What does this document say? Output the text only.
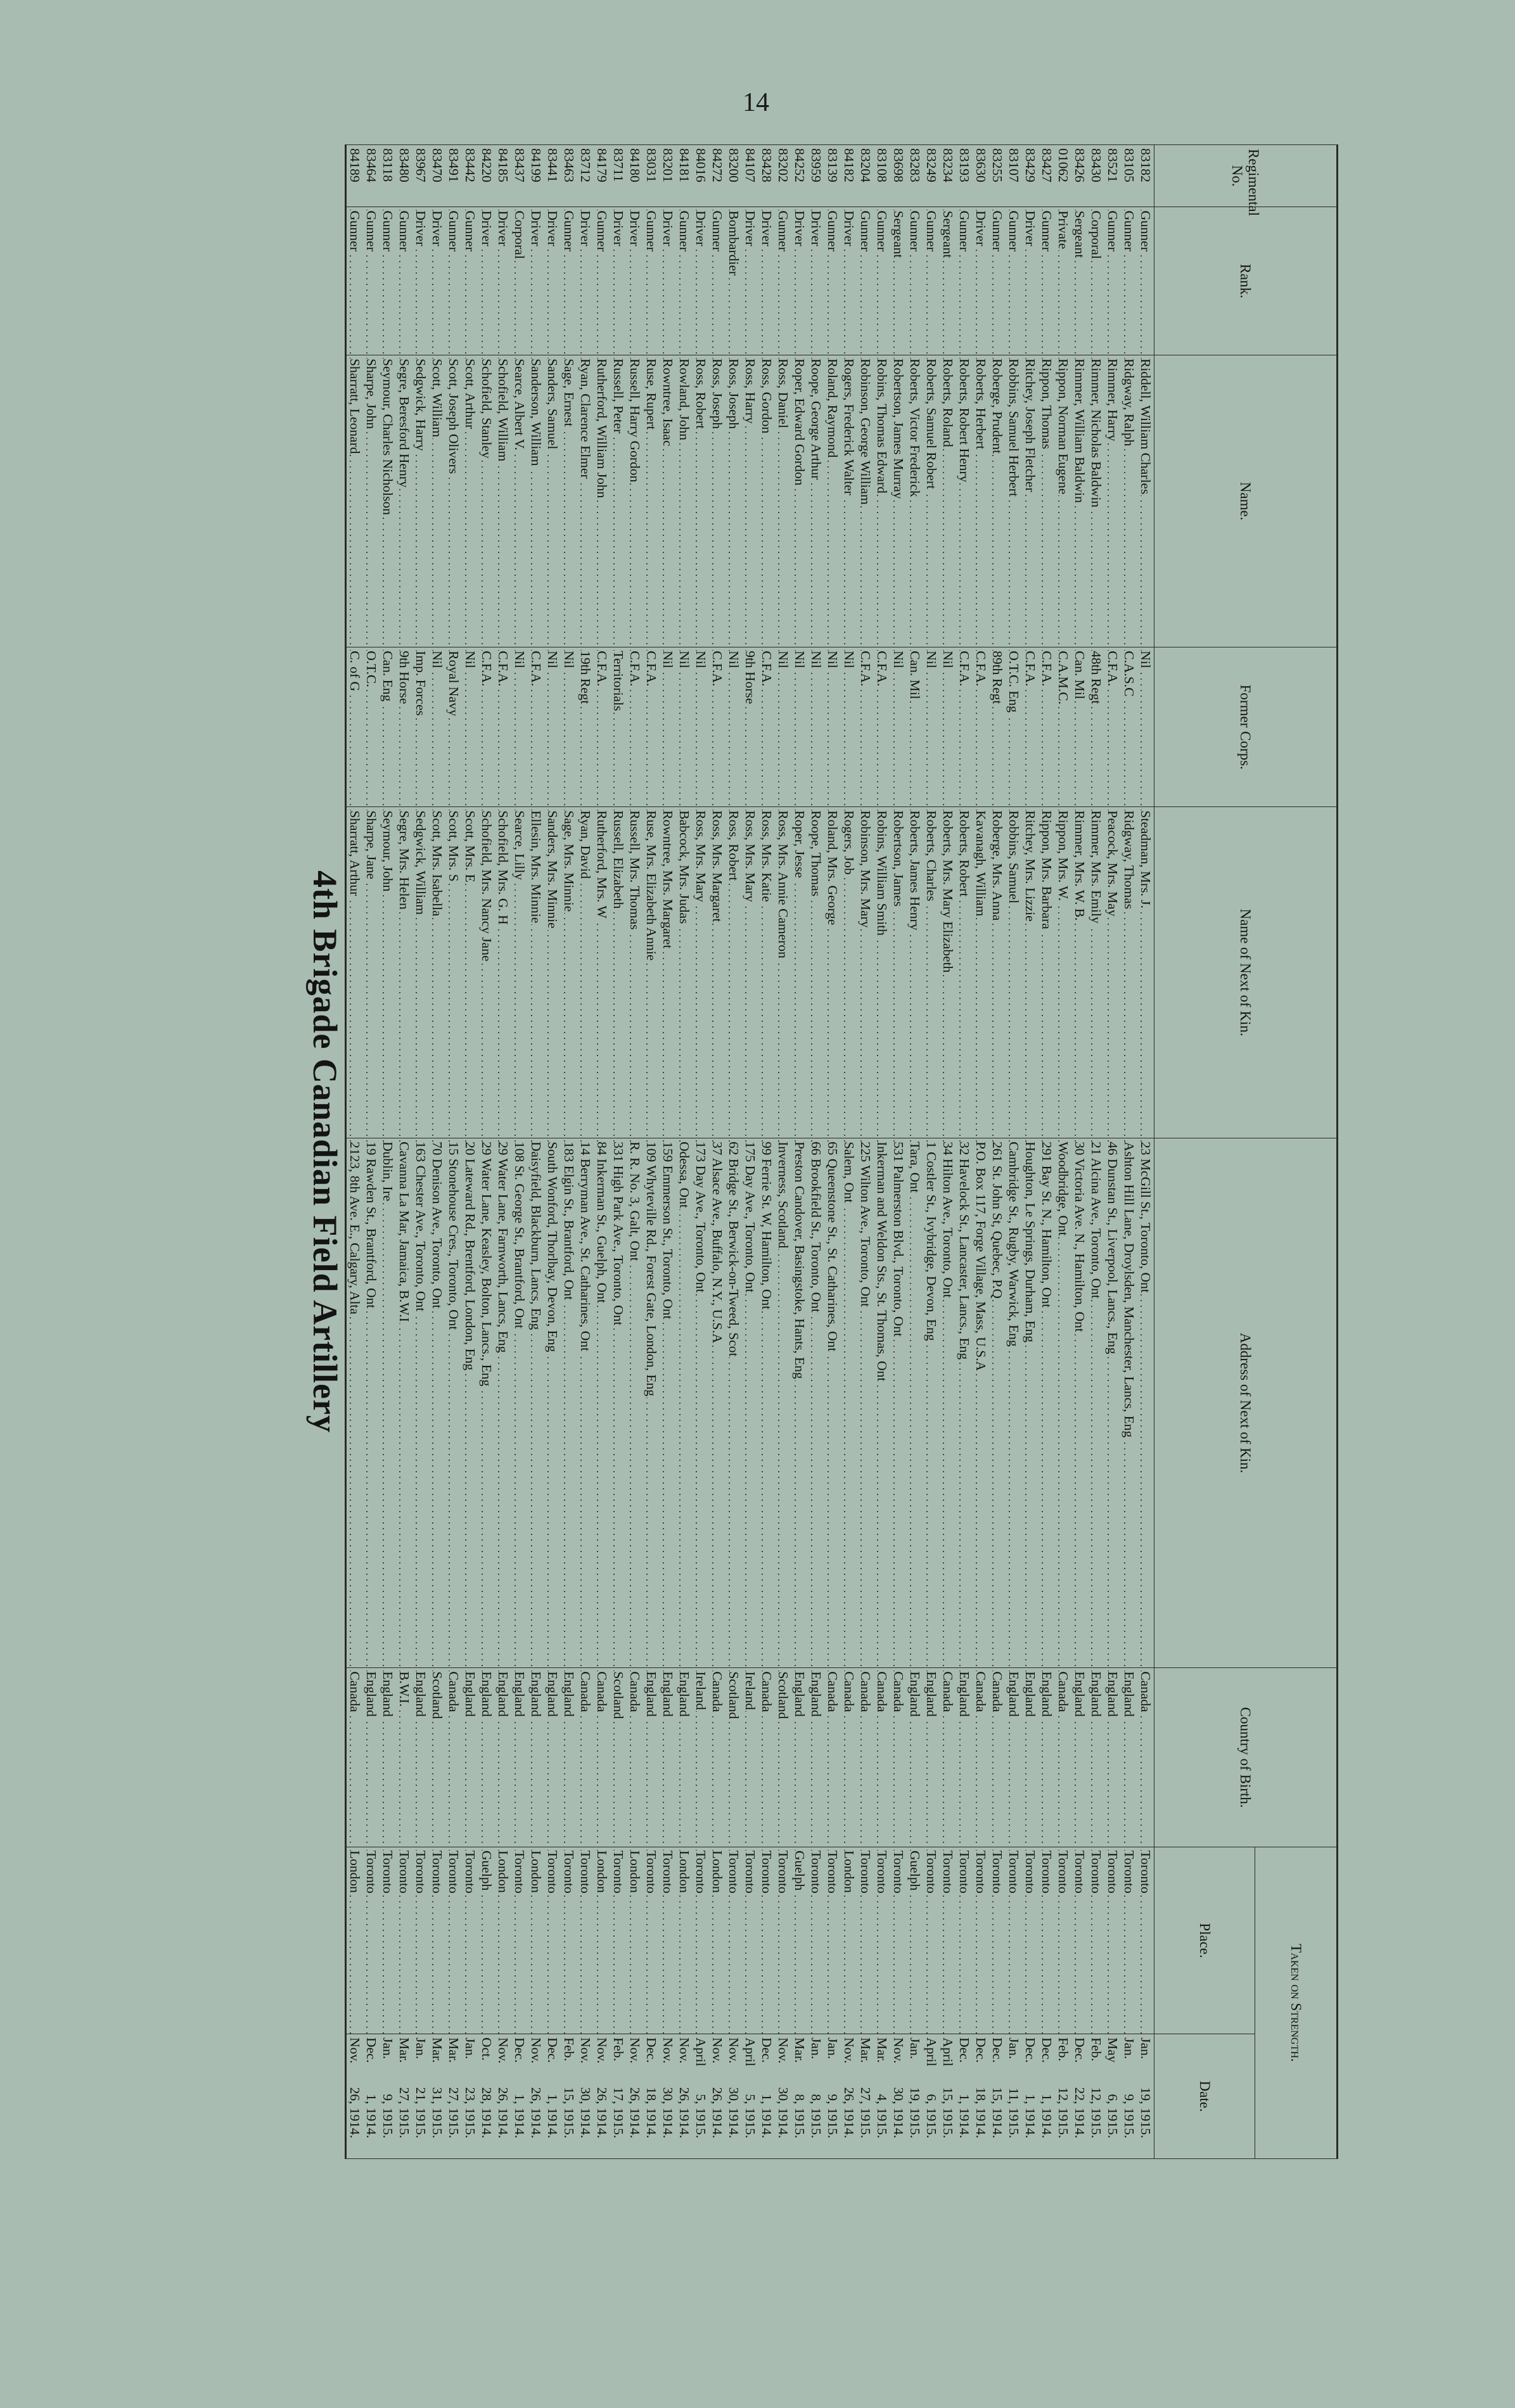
14
Regimental No.	Rank.	Name.	Former Corps.	Name of Next of Kin.	Address of Next of Kin.	Country of Birth.	Taken on Strength.	
							Place.	Date.
83182	Gunner	Riddell, William Charles	Nil	Steadman, Mrs. J.	23 McGill St., Toronto, Ont	Canada	Toronto	Jan.19, 1915.
83105	Gunner	Ridgway, Ralph	C.A.S.C	Ridgway, Thomas	Ashton Hill Lane, Droylsden, Manchester, Lancs, Eng	England	Toronto	Jan.9, 1915.
83521	Gunner	Rimmer, Harry	C.F.A.	Peacock, Mrs. May	46 Dunstan St., Liverpool, Lancs., Eng	England	Toronto	May6, 1915.
83430	Corporal	Rimmer, Nicholas Baldwin	48th Regt	Rimmer, Mrs. Emily	21 Alcina Ave., Toronto, Ont	England	Toronto	Feb.12, 1915.
83426	Sergeant	Rimmer, William Baldwin	Can. Mil	Rimmer, Mrs. W. B.	30 Victoria Ave. N., Hamilton, Ont	England	Toronto	Dec.22, 1914.
01062	Private	Rippon, Norman Eugene	C.A.M.C.	Rippon, Mrs. W.	Woodbridge, Ont	Canada	Toronto	Feb.12, 1915.
83427	Gunner	Rippon, Thomas	C.F.A.	Rippon, Mrs. Barbara	291 Bay St. N., Hamilton, Ont	England	Toronto	Dec.1, 1914.
83429	Driver	Ritchey, Joseph Fletcher	C.F.A.	Ritchey, Mrs. Lizzie	Houghton, Le Springs, Durham, Eng	England	Toronto	Dec.1, 1914.
83107	Gunner	Robbins, Samuel Herbert	O.T.C. Eng	Robbins, Samuel	Cambridge St., Rugby, Warwick, Eng	England	Toronto	Jan.11, 1915.
83255	Gunner	Roberge, Prudent	89th Regt	Roberge, Mrs. Anna	261 St. John St, Quebec, P.Q	Canada	Toronto	Dec.15, 1914.
83630	Driver	Roberts, Herbert	C.F.A.	Kavanagh, William	P.O. Box 117, Forge Village, Mass, U.S.A	Canada	Toronto	Dec.18, 1914.
83193	Gunner	Roberts, Robert Henry	C.F.A.	Roberts, Robert	32 Havelock St., Lancaster, Lancs., Eng	England	Toronto	Dec.1, 1914.
83234	Sergeant	Roberts, Roland	Nil	Roberts, Mrs. Mary Elizabeth	34 Hilton Ave., Toronto, Ont	Canada	Toronto	April15, 1915.
83249	Gunner	Roberts, Samuel Robert	Nil	Roberts, Charles	1 Costler St., Ivybridge, Devon, Eng	England	Toronto	April6, 1915.
83283	Gunner	Roberts, Victor Frederick	Can. Mil	Roberts, James Henry	Tara, Ont	England	Guelph	Jan.19, 1915.
83698	Sergeant	Robertson, James Murray	Nil	Robertson, James	531 Palmerston Blvd., Toronto, Ont	Canada	Toronto	Nov.30, 1914.
83108	Gunner	Robins, Thomas Edward	C.F.A.	Robins, William Smith	Inkerman and Weldon Sts., St. Thomas, Ont	Canada	Toronto	Mar.4, 1915.
83204	Gunner	Robinson, George William	C.F.A.	Robinson, Mrs. Mary	225 Wilton Ave., Toronto, Ont	Canada	Toronto	Mar.27, 1915.
84182	Driver	Rogers, Frederick Walter	Nil	Rogers, Job	Salem, Ont	Canada	London	Nov.26, 1914.
83139	Gunner	Roland, Raymond	Nil	Roland, Mrs. George	65 Queenstone St., St. Catharines, Ont	Canada	Toronto	Jan.9, 1915.
83959	Driver	Roope, George Arthur	Nil	Roope, Thomas	66 Brookfield St., Toronto, Ont	England	Toronto	Jan.8, 1915.
84252	Driver	Roper, Edward Gordon	Nil	Roper, Jesse	Preston Candover, Basingstoke, Hants, Eng	England	Guelph	Mar.8, 1915.
83202	Gunner	Ross, Daniel	Nil	Ross, Mrs. Annie Cameron	Inverness, Scotland	Scotland	Toronto	Nov.30, 1914.
83428	Driver	Ross, Gordon	C.F.A.	Ross, Mrs. Katie	99 Ferrie St. W, Hamilton, Ont	Canada	Toronto	Dec.1, 1914.
84107	Driver	Ross, Harry	9th Horse	Ross, Mrs. Mary	175 Day Ave., Toronto, Ont	Ireland	Toronto	April5, 1915.
83200	Bombardier	Ross, Joseph	Nil	Ross, Robert	62 Bridge St., Berwick-on-Tweed, Scot	Scotland	Toronto	Nov.30, 1914.
84272	Gunner	Ross, Joseph	C.F.A.	Ross, Mrs. Margaret	37 Alsace Ave., Buffalo, N.Y., U.S.A	Canada	London	Nov.26, 1914.
84016	Driver	Ross, Robert	Nil	Ross, Mrs. Mary	173 Day Ave., Toronto, Ont	Ireland	Toronto	April5, 1915.
84181	Gunner	Rowland, John	Nil	Babcock, Mrs. Judas	Odessa, Ont	England	London	Nov.26, 1914.
83201	Driver	Rowntree, Isaac	Nil	Rowntree, Mrs. Margaret	159 Emmerson St., Toronto, Ont	England	Toronto	Nov.30, 1914.
83031	Gunner	Ruse, Rupert	C.F.A.	Ruse, Mrs. Elizabeth Annie	109 Whyteville Rd., Forest Gate, London, Eng	England	Toronto	Dec.18, 1914.
84180	Driver	Russell, Harry Gordon	C.F.A.	Russell, Mrs. Thomas	R. R. No. 3, Galt, Ont	Canada	London	Nov.26, 1914.
83711	Driver	Russell, Peter	Territorials	Russell, Elizabeth	331 High Park Ave., Toronto, Ont	Scotland	Toronto	Feb.17, 1915.
84179	Gunner	Rutherford, William John	C.F.A.	Rutherford, Mrs. W	84 Inkerman St., Guelph, Ont	Canada	London	Nov.26, 1914.
83712	Driver	Ryan, Clarence Elmer	19th Regt	Ryan, David	14 Berryman Ave., St. Catharines, Ont	Canada	Toronto	Nov.30, 1914.
83463	Gunner	Sage, Ernest	Nil	Sage, Mrs. Minnie	183 Elgin St., Brantford, Ont	England	Toronto	Feb.15, 1915.
83441	Driver	Sanders, Samuel	Nil	Sanders, Mrs. Minnie	South Wonford, Thorlbay, Devon, Eng	England	Toronto	Dec.1, 1914.
84199	Driver	Sanderson, William	C.F.A.	Ellesin, Mrs. Minnie	Daisyfield, Blackburn, Lancs, Eng	England	London	Nov.26, 1914.
83437	Corporal	Searce, Albert V.	Nil	Searce, Lilly	108 St. George St., Brantford, Ont	England	Toronto	Dec.1, 1914.
84185	Driver	Schofield, William	C.F.A.	Schofield, Mrs. G. H	29 Water Lane, Farnworth, Lancs, Eng	England	London	Nov.26, 1914.
84220	Driver	Schofield, Stanley	C.F.A.	Schofield, Mrs. Nancy Jane	29 Water Lane, Keasley, Bolton, Lancs., Eng	England	Guelph	Oct.28, 1914.
83442	Gunner	Scott, Arthur	Nil	Scott, Mrs. E	20 Lateward Rd., Brentford, London, Eng	England	Toronto	Jan.23, 1915.
83491	Gunner	Scott, Joseph Olivers	Royal Navy	Scott, Mrs. S	15 Stonehouse Cres., Toronto, Ont	Canada	Toronto	Mar.27, 1915.
83470	Driver	Scott, William	Nil	Scott, Mrs. Isabella	70 Denison Ave., Toronto, Ont	Scotland	Toronto	Mar.31, 1915.
83967	Driver	Sedgwick, Harry	Imp. Forces	Sedgwick, William	163 Chester Ave., Toronto, Ont	England	Toronto	Jan.21, 1915.
83480	Gunner	Segre, Beresford Henry	9th Horse	Segre, Mrs. Helen	Cavanna La Mar, Jamaica, B.W.I	B.W.I.	Toronto	Mar.27, 1915.
83118	Gunner	Seymour, Charles Nicholson	Can. Eng	Seymour, John	Dublin, Ire	England	Toronto	Jan.9, 1915.
83464	Gunner	Sharpe, John	O.T.C.	Sharpe, Jane	19 Rawden St., Brantford, Ont	England	Toronto	Dec.1, 1914.
84189	Gunner	Sharratt, Leonard	C. of G	Sharratt, Arthur	2123, 8th Ave. E., Calgary, Alta	Canada	London	Nov.26, 1914.
4th Brigade Canadian Field Artillery
